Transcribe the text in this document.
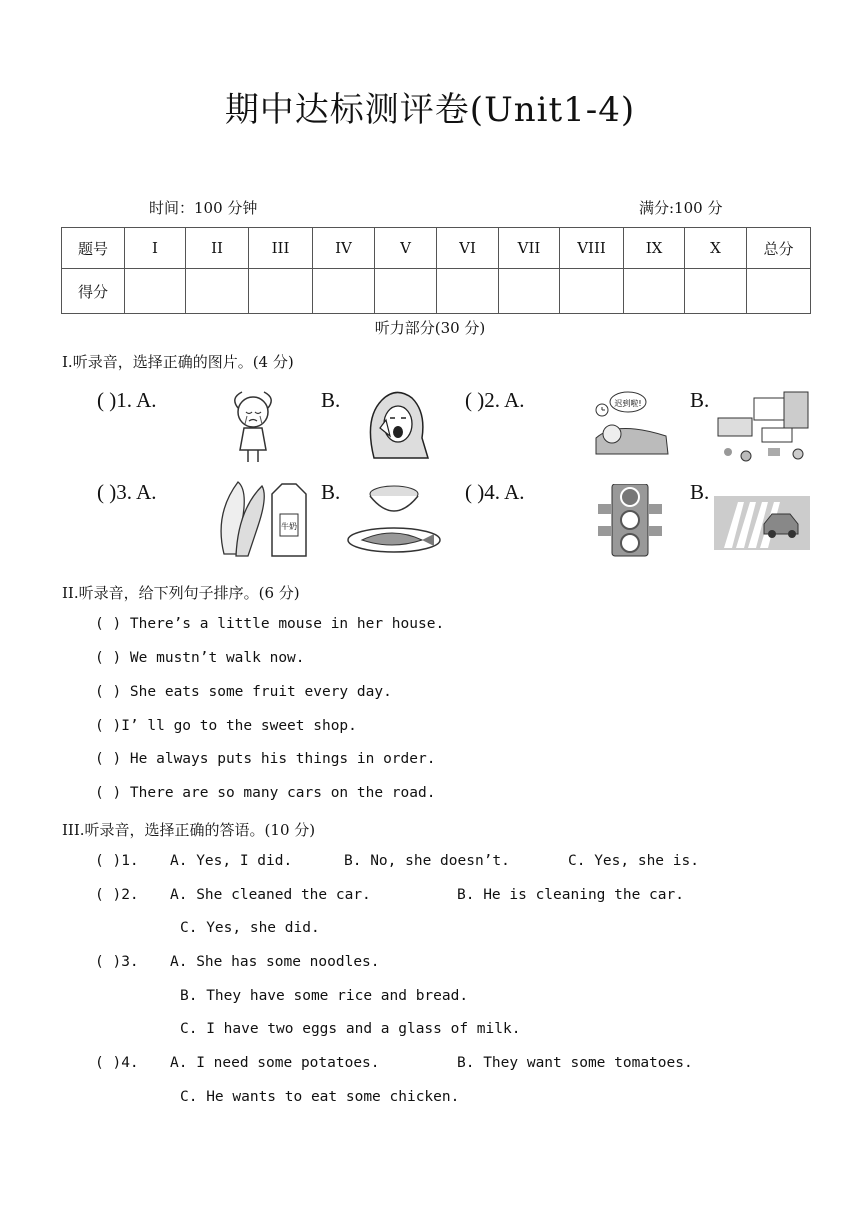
期中达标测评卷(Unit1-4)
时间：100 分钟	满分:100 分
题号	I	II	III	IV	V	VI	VII	VIII	IX	X	总分
得分											
听力部分(30 分)
I.听录音，选择正确的图片。(4 分)
( )1. A.	B.	( )2. A.	B.
( )3. A.	B.	( )4. A.	B.
迟到啦!
牛奶
II.听录音，给下列句子排序。(6 分)
( ) There’s a little mouse in her house.
( ) We mustn’t walk now.
( ) She eats some fruit every day.
( )I’ ll go to the sweet shop.
( ) He always puts his things in order.
( ) There are so many cars on the road.
III.听录音，选择正确的答语。(10 分)
( )1. A. Yes, I did.	B. No, she doesn’t.	C. Yes, she is.
( )2. A. She cleaned the car.	B. He is cleaning the car.
C. Yes, she did.
( )3. A. She has some noodles.
B. They have some rice and bread.
C. I have two eggs and a glass of milk.
( )4. A. I need some potatoes.	B. They want some tomatoes.
C. He wants to eat some chicken.
